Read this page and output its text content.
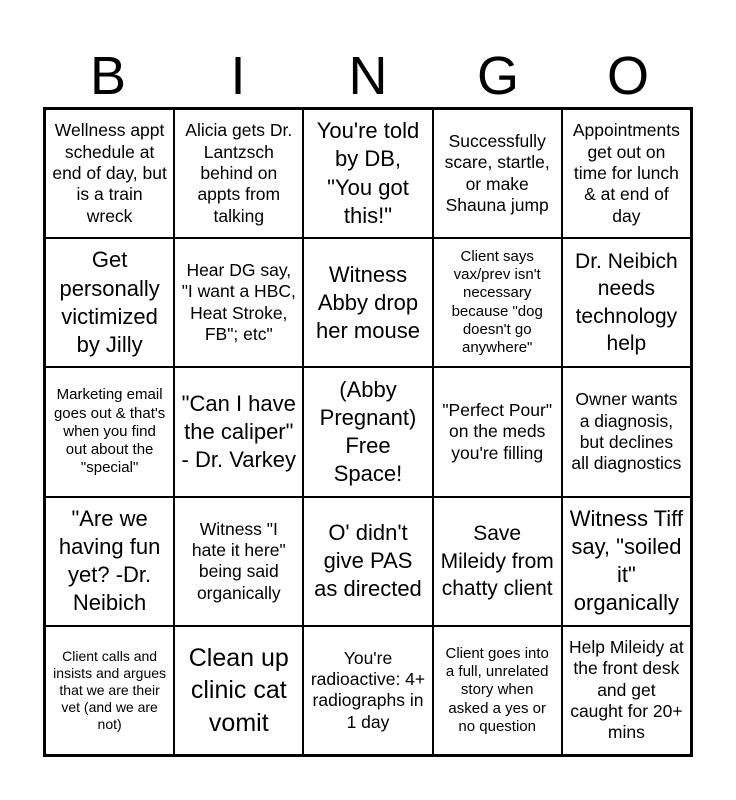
B	I	N	G	O
Wellness appt schedule at end of day, but is a train wreck
Alicia gets Dr. Lantzsch behind on appts from talking
You're told by DB, "You got this!"
Successfully scare, startle, or make Shauna jump
Appointments get out on time for lunch & at end of day
Get personally victimized by Jilly
Hear DG say, "I want a HBC, Heat Stroke, FB"; etc"
Witness Abby drop her mouse
Client says vax/prev isn't necessary because "dog doesn't go anywhere"
Dr. Neibich needs technology help
Marketing email goes out & that's when you find out about the "special"
"Can I have the caliper" - Dr. Varkey
(Abby Pregnant) Free Space!
"Perfect Pour" on the meds you're filling
Owner wants a diagnosis, but declines all diagnostics
"Are we having fun yet? -Dr. Neibich
Witness "I hate it here" being said organically
O' didn't give PAS as directed
Save Mileidy from chatty client
Witness Tiff say, "soiled it" organically
Client calls and insists and argues that we are their vet (and we are not)
Clean up clinic cat vomit
You're radioactive: 4+ radiographs in 1 day
Client goes into a full, unrelated story when asked a yes or no question
Help Mileidy at the front desk and get caught for 20+ mins
